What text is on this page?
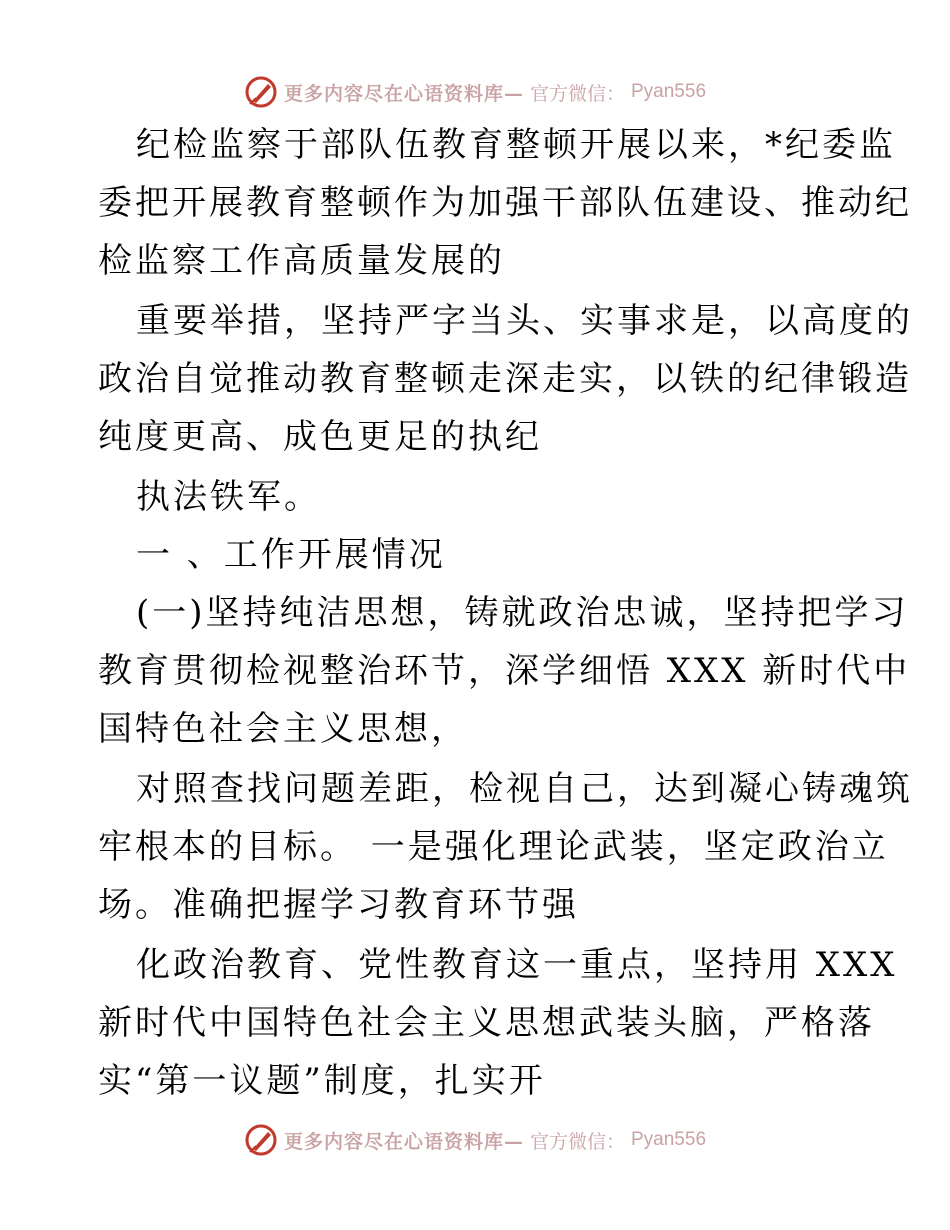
更多内容尽在心语资料库— 官方微信： Pyan556
纪检监察于部队伍教育整顿开展以来，*纪委监
委把开展教育整顿作为加强干部队伍建设、推动纪
检监察工作高质量发展的
重要举措，坚持严字当头、实事求是，以高度的
政治自觉推动教育整顿走深走实，以铁的纪律锻造
纯度更高、成色更足的执纪
执法铁军。
一 、工作开展情况
(一)坚持纯洁思想，铸就政治忠诚，坚持把学习
教育贯彻检视整治环节，深学细悟 XXX 新时代中
国特色社会主义思想，
对照查找问题差距，检视自己，达到凝心铸魂筑
牢根本的目标。 一是强化理论武装，坚定政治立
场。准确把握学习教育环节强
化政治教育、党性教育这一重点，坚持用 XXX
新时代中国特色社会主义思想武装头脑，严格落
实“第一议题”制度，扎实开
更多内容尽在心语资料库— 官方微信： Pyan556
